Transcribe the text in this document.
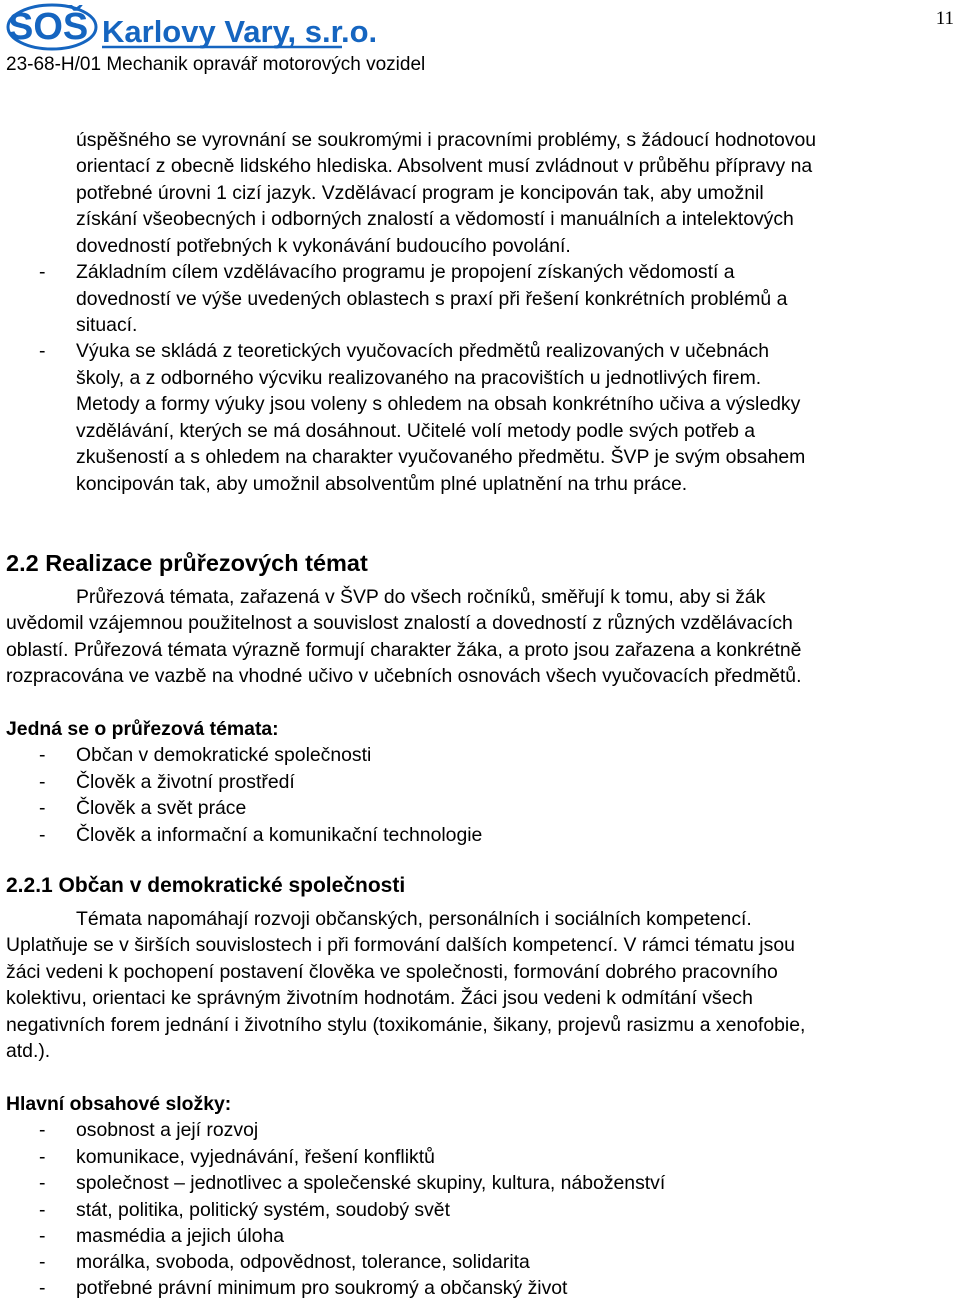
SOŠ Karlovy Vary, s.r.o.
23-68-H/01 Mechanik opravář motorových vozidel
11

úspěšného se vyrovnání se soukromými i pracovními problémy, s žádoucí hodnotovou

orientací z obecně lidského hlediska. Absolvent musí zvládnout v průběhu přípravy na

potřebné úrovni 1 cizí jazyk. Vzdělávací program je koncipován tak, aby umožnil

získání všeobecných i odborných znalostí a vědomostí i manuálních a intelektových

dovedností potřebných k vykonávání budoucího povolání.

- Základním cílem vzdělávacího programu je propojení získaných vědomostí a

dovedností ve výše uvedených oblastech s praxí při řešení konkrétních problémů a

situací.

- Výuka se skládá z teoretických vyučovacích předmětů realizovaných v učebnách

školy, a z odborného výcviku realizovaného na pracovištích u jednotlivých firem.

Metody a formy výuky jsou voleny s ohledem na obsah konkrétního učiva a výsledky

vzdělávání, kterých se má dosáhnout. Učitelé volí metody podle svých potřeb a

zkušeností a s ohledem na charakter vyučovaného předmětu. ŠVP je svým obsahem

koncipován tak, aby umožnil absolventům plné uplatnění na trhu práce.

2.2 Realizace průřezových témat

Průřezová témata, zařazená v ŠVP do všech ročníků, směřují k tomu, aby si žák

uvědomil vzájemnou použitelnost a souvislost znalostí a dovedností z různých vzdělávacích

oblastí. Průřezová témata výrazně formují charakter žáka, a proto jsou zařazena a konkrétně

rozpracována ve vazbě na vhodné učivo v učebních osnovách všech vyučovacích předmětů.

Jedná se o průřezová témata:

- Občan v demokratické společnosti

- Člověk a životní prostředí

- Člověk a svět práce

- Člověk a informační a komunikační technologie

2.2.1 Občan v demokratické společnosti

Témata napomáhají rozvoji občanských, personálních i sociálních kompetencí.

Uplatňuje se v širších souvislostech i při formování dalších kompetencí. V rámci tématu jsou

žáci vedeni k pochopení postavení člověka ve společnosti, formování dobrého pracovního

kolektivu, orientaci ke správným životním hodnotám. Žáci jsou vedeni k odmítání všech

negativních forem jednání i životního stylu (toxikománie, šikany, projevů rasizmu a xenofobie,

atd.).

Hlavní obsahové složky:

- osobnost a její rozvoj

- komunikace, vyjednávání, řešení konfliktů

- společnost – jednotlivec a společenské skupiny, kultura, náboženství

- stát, politika, politický systém, soudobý svět

- masmédia a jejich úloha

- morálka, svoboda, odpovědnost, tolerance, solidarita

- potřebné právní minimum pro soukromý a občanský život
